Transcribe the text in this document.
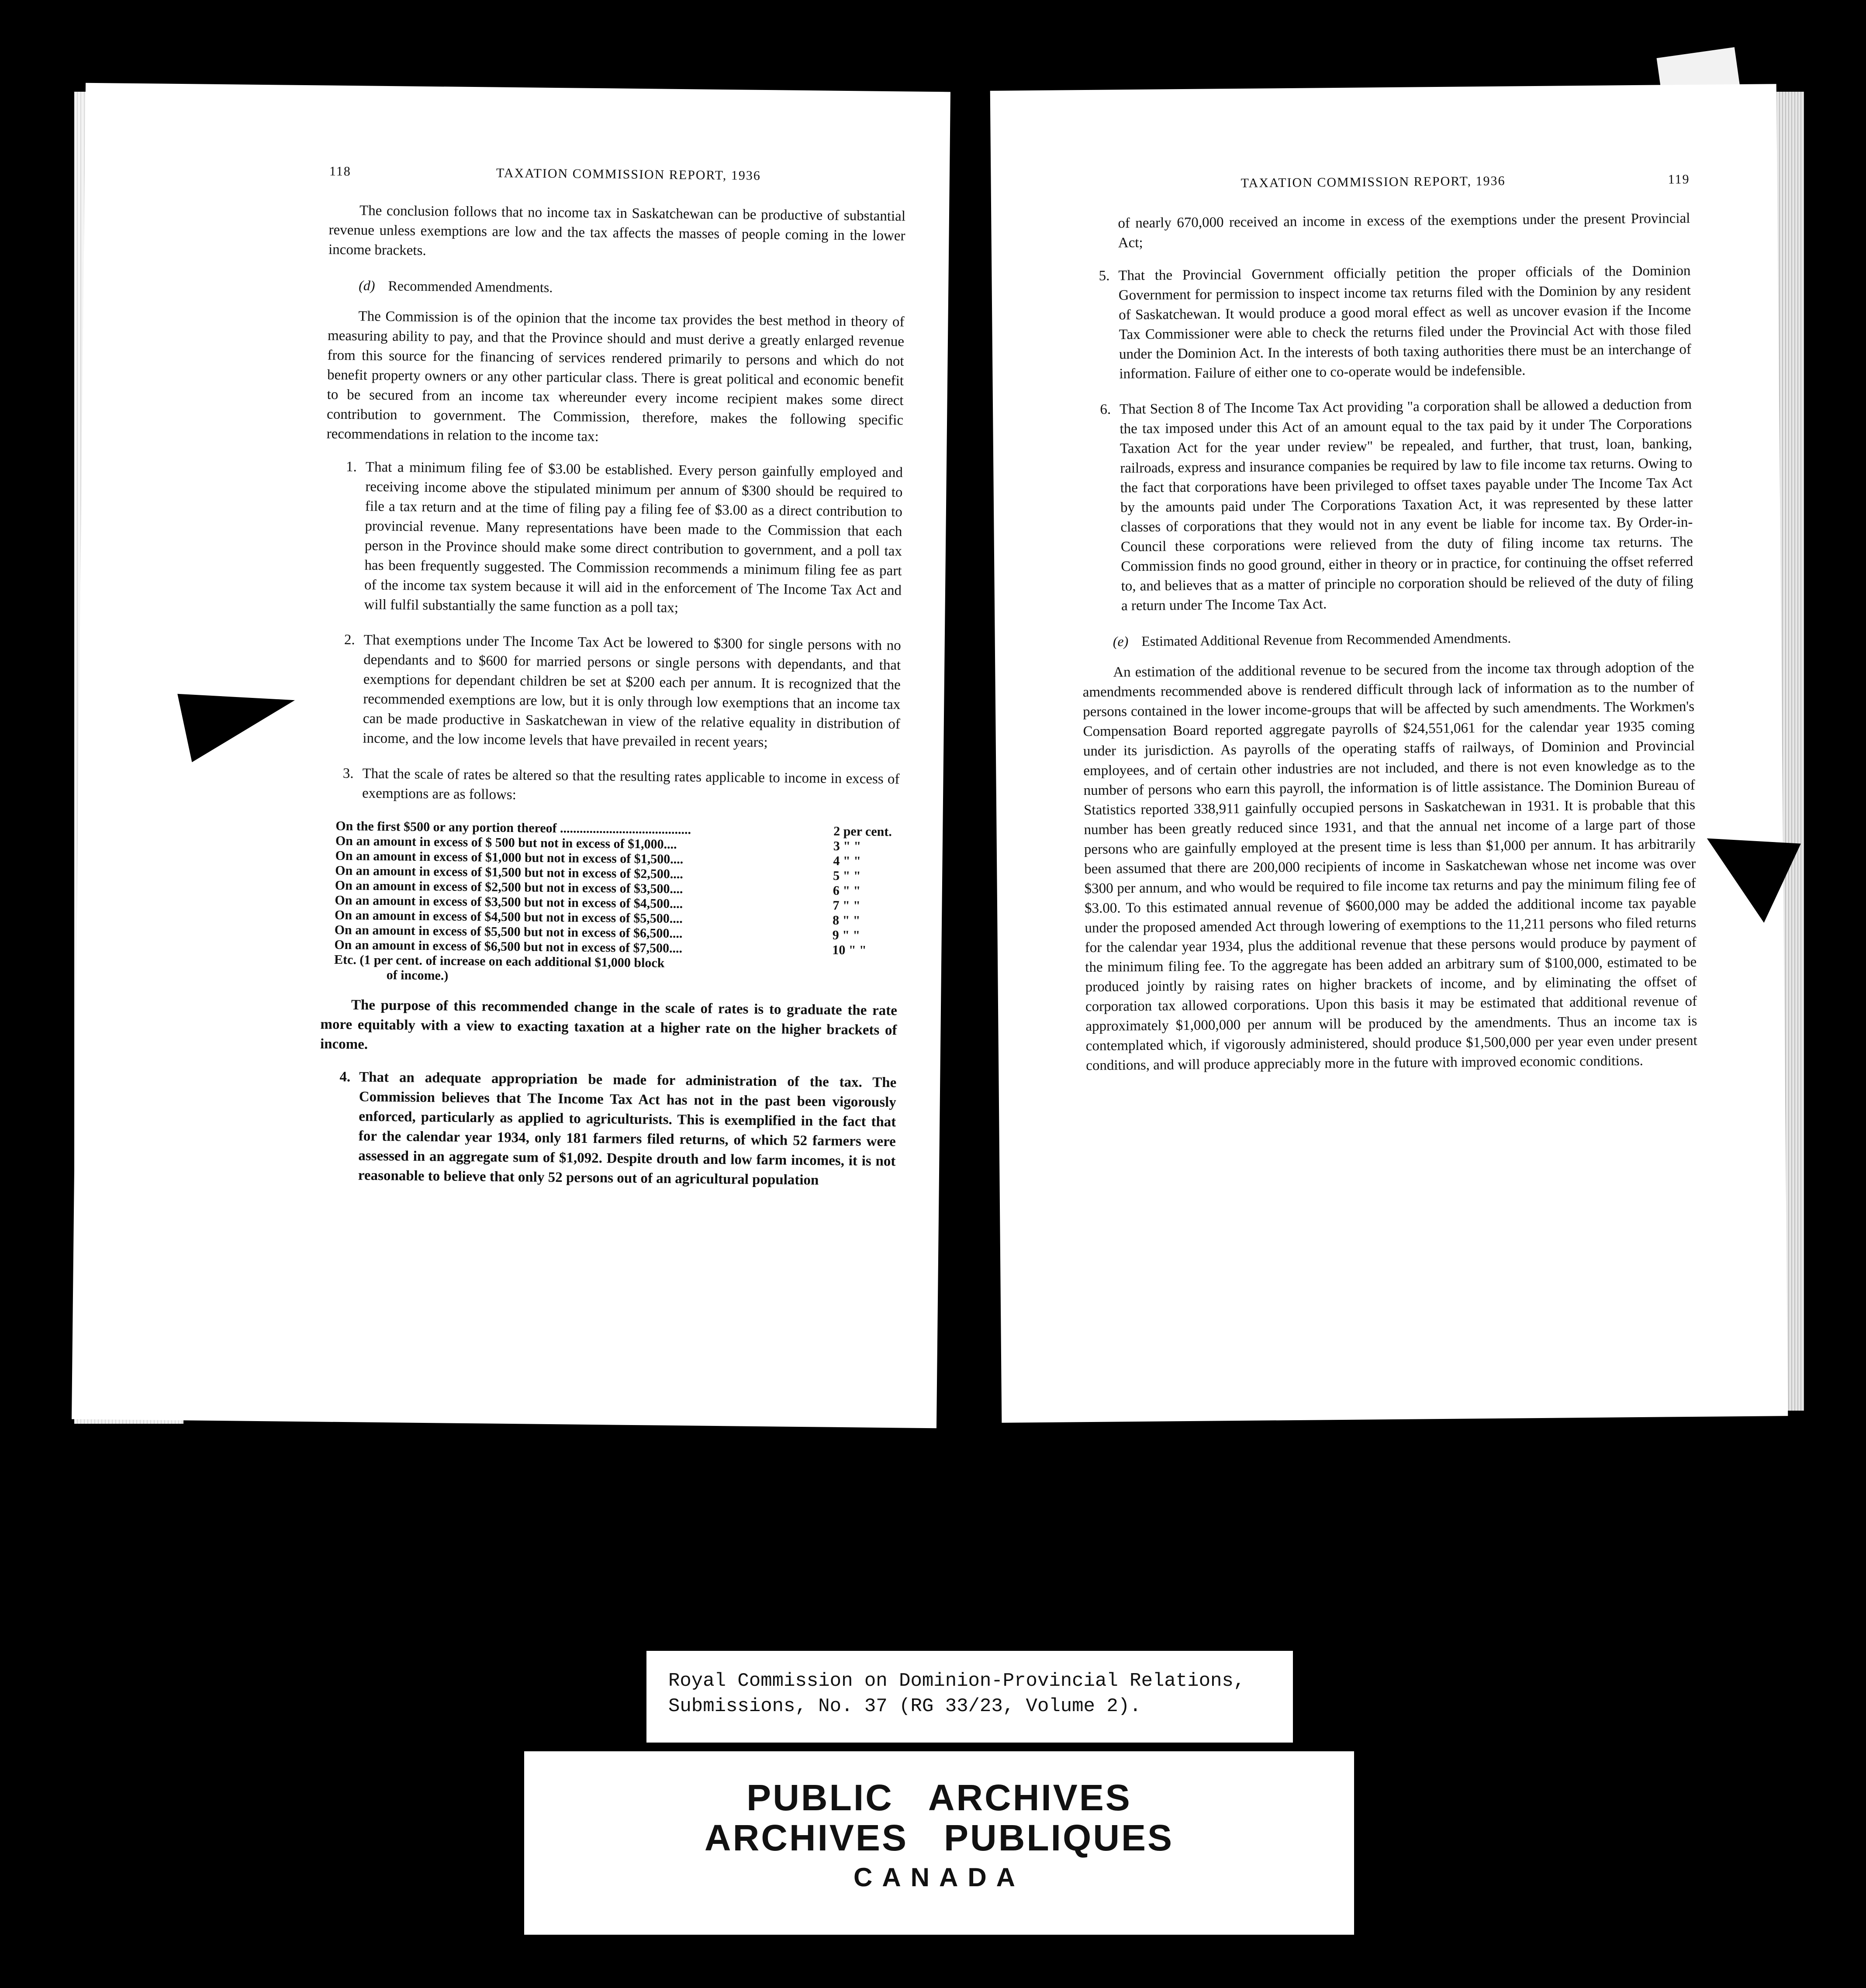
118	TAXATION COMMISSION REPORT, 1936

The conclusion follows that no income tax in Saskatchewan can be productive of substantial revenue unless exemptions are low and the tax affects the masses of people coming in the lower income brackets.

(d) Recommended Amendments.

The Commission is of the opinion that the income tax provides the best method in theory of measuring ability to pay, and that the Province should and must derive a greatly enlarged revenue from this source for the financing of services rendered primarily to persons and which do not benefit property owners or any other particular class. There is great political and economic benefit to be secured from an income tax whereunder every income recipient makes some direct contribution to government. The Commission, therefore, makes the following specific recommendations in relation to the income tax:

1. That a minimum filing fee of $3.00 be established. Every person gainfully employed and receiving income above the stipulated minimum per annum of $300 should be required to file a tax return and at the time of filing pay a filing fee of $3.00 as a direct contribution to provincial revenue. Many representations have been made to the Commission that each person in the Province should make some direct contribution to government, and a poll tax has been frequently suggested. The Commission recommends a minimum filing fee as part of the income tax system because it will aid in the enforcement of The Income Tax Act and will fulfil substantially the same function as a poll tax;

2. That exemptions under The Income Tax Act be lowered to $300 for single persons with no dependants and to $600 for married persons or single persons with dependants, and that exemptions for dependant children be set at $200 each per annum. It is recognized that the recommended exemptions are low, but it is only through low exemptions that an income tax can be made productive in Saskatchewan in view of the relative equality in distribution of income, and the low income levels that have prevailed in recent years;

3. That the scale of rates be altered so that the resulting rates applicable to income in excess of exemptions are as follows:

On the first $500 or any portion thereof ........................................	2 per cent.
On an amount in excess of $ 500 but not in excess of $1,000....	3 " "
On an amount in excess of $1,000 but not in excess of $1,500....	4 " "
On an amount in excess of $1,500 but not in excess of $2,500....	5 " "
On an amount in excess of $2,500 but not in excess of $3,500....	6 " "
On an amount in excess of $3,500 but not in excess of $4,500....	7 " "
On an amount in excess of $4,500 but not in excess of $5,500....	8 " "
On an amount in excess of $5,500 but not in excess of $6,500....	9 " "
On an amount in excess of $6,500 but not in excess of $7,500....	10 " "
Etc. (1 per cent. of increase on each additional $1,000 block
of income.)

The purpose of this recommended change in the scale of rates is to graduate the rate more equitably with a view to exacting taxation at a higher rate on the higher brackets of income.

4. That an adequate appropriation be made for administration of the tax. The Commission believes that The Income Tax Act has not in the past been vigorously enforced, particularly as applied to agriculturists. This is exemplified in the fact that for the calendar year 1934, only 181 farmers filed returns, of which 52 farmers were assessed in an aggregate sum of $1,092. Despite drouth and low farm incomes, it is not reasonable to believe that only 52 persons out of an agricultural population

TAXATION COMMISSION REPORT, 1936	119

of nearly 670,000 received an income in excess of the exemptions under the present Provincial Act;

5. That the Provincial Government officially petition the proper officials of the Dominion Government for permission to inspect income tax returns filed with the Dominion by any resident of Saskatchewan. It would produce a good moral effect as well as uncover evasion if the Income Tax Commissioner were able to check the returns filed under the Provincial Act with those filed under the Dominion Act. In the interests of both taxing authorities there must be an interchange of information. Failure of either one to co-operate would be indefensible.

6. That Section 8 of The Income Tax Act providing "a corporation shall be allowed a deduction from the tax imposed under this Act of an amount equal to the tax paid by it under The Corporations Taxation Act for the year under review" be repealed, and further, that trust, loan, banking, railroads, express and insurance companies be required by law to file income tax returns. Owing to the fact that corporations have been privileged to offset taxes payable under The Income Tax Act by the amounts paid under The Corporations Taxation Act, it was represented by these latter classes of corporations that they would not in any event be liable for income tax. By Order-in-Council these corporations were relieved from the duty of filing income tax returns. The Commission finds no good ground, either in theory or in practice, for continuing the offset referred to, and believes that as a matter of principle no corporation should be relieved of the duty of filing a return under The Income Tax Act.

(e) Estimated Additional Revenue from Recommended Amendments.

An estimation of the additional revenue to be secured from the income tax through adoption of the amendments recommended above is rendered difficult through lack of information as to the number of persons contained in the lower income-groups that will be affected by such amendments. The Workmen's Compensation Board reported aggregate payrolls of $24,551,061 for the calendar year 1935 coming under its jurisdiction. As payrolls of the operating staffs of railways, of Dominion and Provincial employees, and of certain other industries are not included, and there is not even knowledge as to the number of persons who earn this payroll, the information is of little assistance. The Dominion Bureau of Statistics reported 338,911 gainfully occupied persons in Saskatchewan in 1931. It is probable that this number has been greatly reduced since 1931, and that the annual net income of a large part of those persons who are gainfully employed at the present time is less than $1,000 per annum. It has arbitrarily been assumed that there are 200,000 recipients of income in Saskatchewan whose net income was over $300 per annum, and who would be required to file income tax returns and pay the minimum filing fee of $3.00. To this estimated annual revenue of $600,000 may be added the additional income tax payable under the proposed amended Act through lowering of exemptions to the 11,211 persons who filed returns for the calendar year 1934, plus the additional revenue that these persons would produce by payment of the minimum filing fee. To the aggregate has been added an arbitrary sum of $100,000, estimated to be produced jointly by raising rates on higher brackets of income, and by eliminating the offset of corporation tax allowed corporations. Upon this basis it may be estimated that additional revenue of approximately $1,000,000 per annum will be produced by the amendments. Thus an income tax is contemplated which, if vigorously administered, should produce $1,500,000 per year even under present conditions, and will produce appreciably more in the future with improved economic conditions.

Royal Commission on Dominion-Provincial Relations,
Submissions, No. 37 (RG 33/23, Volume 2).
PUBLIC   ARCHIVES
ARCHIVES   PUBLIQUES
CANADA
